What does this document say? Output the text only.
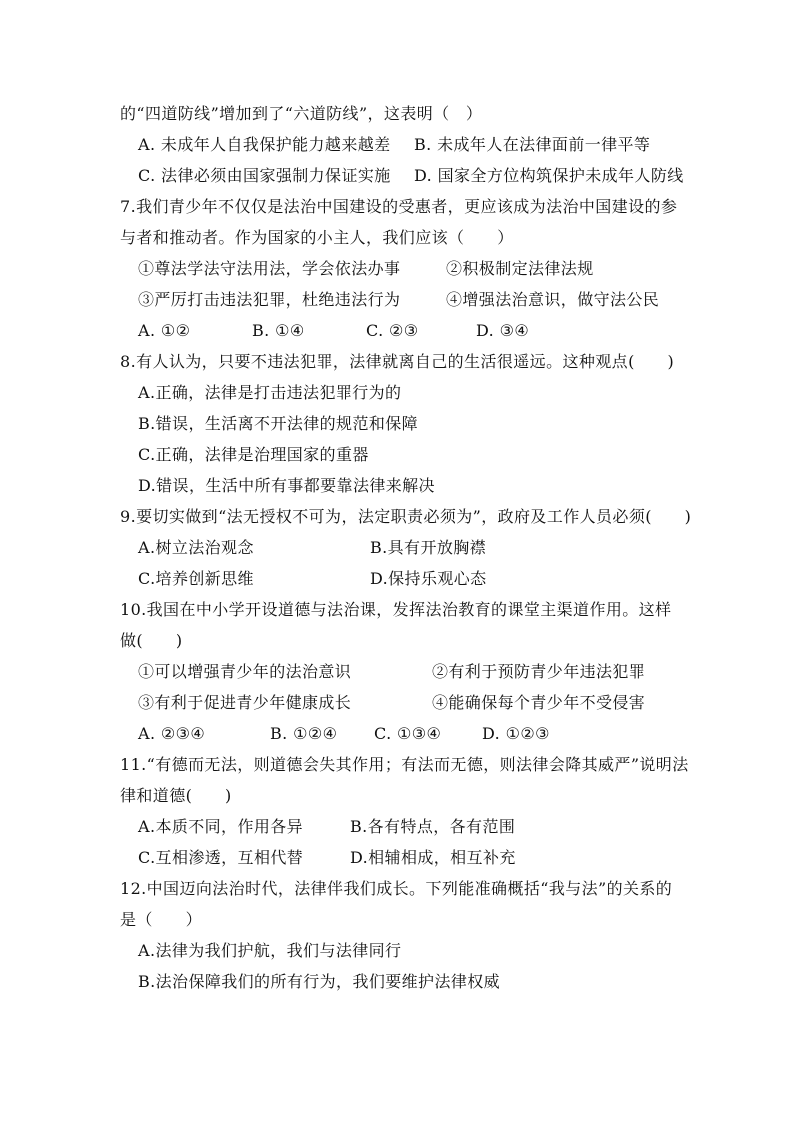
的“四道防线”增加到了“六道防线”，这表明（　）
A. 未成年人自我保护能力越来越差 B. 未成年人在法律面前一律平等
C. 法律必须由国家强制力保证实施 D. 国家全方位构筑保护未成年人防线
7.我们青少年不仅仅是法治中国建设的受惠者，更应该成为法治中国建设的参
与者和推动者。作为国家的小主人，我们应该（　　）
①尊法学法守法用法，学会依法办事	②积极制定法律法规
③严厉打击违法犯罪，杜绝违法行为	④增强法治意识，做守法公民
A. ①②	B. ①④	C. ②③	D. ③④
8.有人认为，只要不违法犯罪，法律就离自己的生活很遥远。这种观点(　　)
A.正确，法律是打击违法犯罪行为的
B.错误，生活离不开法律的规范和保障
C.正确，法律是治理国家的重器
D.错误，生活中所有事都要靠法律来解决
9.要切实做到“法无授权不可为，法定职责必须为”，政府及工作人员必须(　　)
A.树立法治观念	B.具有开放胸襟
C.培养创新思维	D.保持乐观心态
10.我国在中小学开设道德与法治课，发挥法治教育的课堂主渠道作用。这样
做(　　)
①可以增强青少年的法治意识	②有利于预防青少年违法犯罪
③有利于促进青少年健康成长	④能确保每个青少年不受侵害
A. ②③④	B. ①②④ C. ①③④	D. ①②③
11.“有德而无法，则道德会失其作用；有法而无德，则法律会降其威严”说明法
律和道德(　　)
A.本质不同，作用各异	B.各有特点，各有范围
C.互相渗透，互相代替	D.相辅相成，相互补充
12.中国迈向法治时代，法律伴我们成长。下列能准确概括“我与法”的关系的
是（　　）
A.法律为我们护航，我们与法律同行
B.法治保障我们的所有行为，我们要维护法律权威
